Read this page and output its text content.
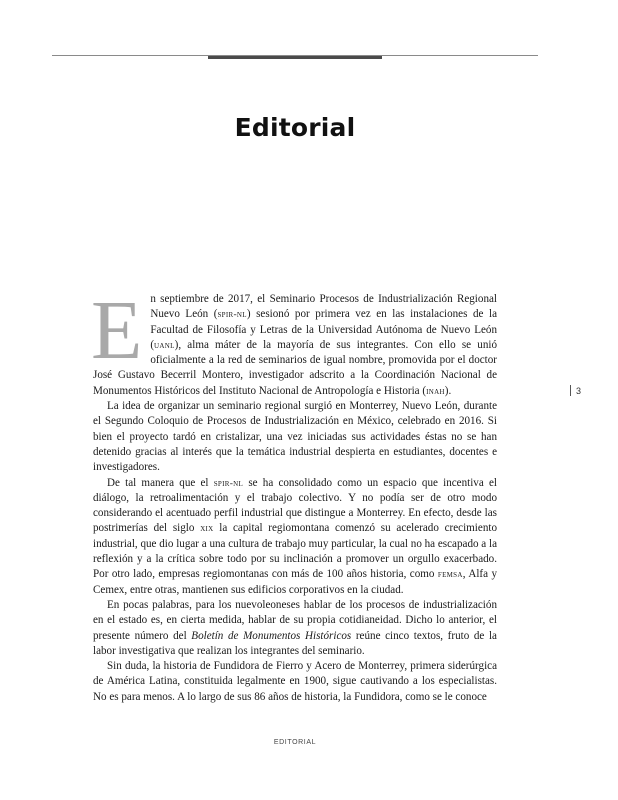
Editorial

En septiembre de 2017, el Seminario Procesos de Industrialización Regional Nuevo León (spir-nl) sesionó por primera vez en las instalaciones de la Facultad de Filosofía y Letras de la Universidad Autónoma de Nuevo León (uanl), alma máter de la mayoría de sus integrantes. Con ello se unió oficialmente a la red de seminarios de igual nombre, promovida por el doctor José Gustavo Becerril Montero, investigador adscrito a la Coordinación Nacional de Monumentos Históricos del Instituto Nacional de Antropología e Historia (inah).

La idea de organizar un seminario regional surgió en Monterrey, Nuevo León, durante el Segundo Coloquio de Procesos de Industrialización en México, celebrado en 2016. Si bien el proyecto tardó en cristalizar, una vez iniciadas sus actividades éstas no se han detenido gracias al interés que la temática industrial despierta en estudiantes, docentes e investigadores.

De tal manera que el spir-nl se ha consolidado como un espacio que incentiva el diálogo, la retroalimentación y el trabajo colectivo. Y no podía ser de otro modo considerando el acentuado perfil industrial que distingue a Monterrey. En efecto, desde las postrimerías del siglo xix la capital regiomontana comenzó su acelerado crecimiento industrial, que dio lugar a una cultura de trabajo muy particular, la cual no ha escapado a la reflexión y a la crítica sobre todo por su inclinación a promover un orgullo exacerbado. Por otro lado, empresas regiomontanas con más de 100 años historia, como femsa, Alfa y Cemex, entre otras, mantienen sus edificios corporativos en la ciudad.

En pocas palabras, para los nuevoleoneses hablar de los procesos de industrialización en el estado es, en cierta medida, hablar de su propia cotidianeidad. Dicho lo anterior, el presente número del Boletín de Monumentos Históricos reúne cinco textos, fruto de la labor investigativa que realizan los integrantes del seminario.

Sin duda, la historia de Fundidora de Fierro y Acero de Monterrey, primera siderúrgica de América Latina, constituida legalmente en 1900, sigue cautivando a los especialistas. No es para menos. A lo largo de sus 86 años de historia, la Fundidora, como se le conoce

3
EDITORIAL
